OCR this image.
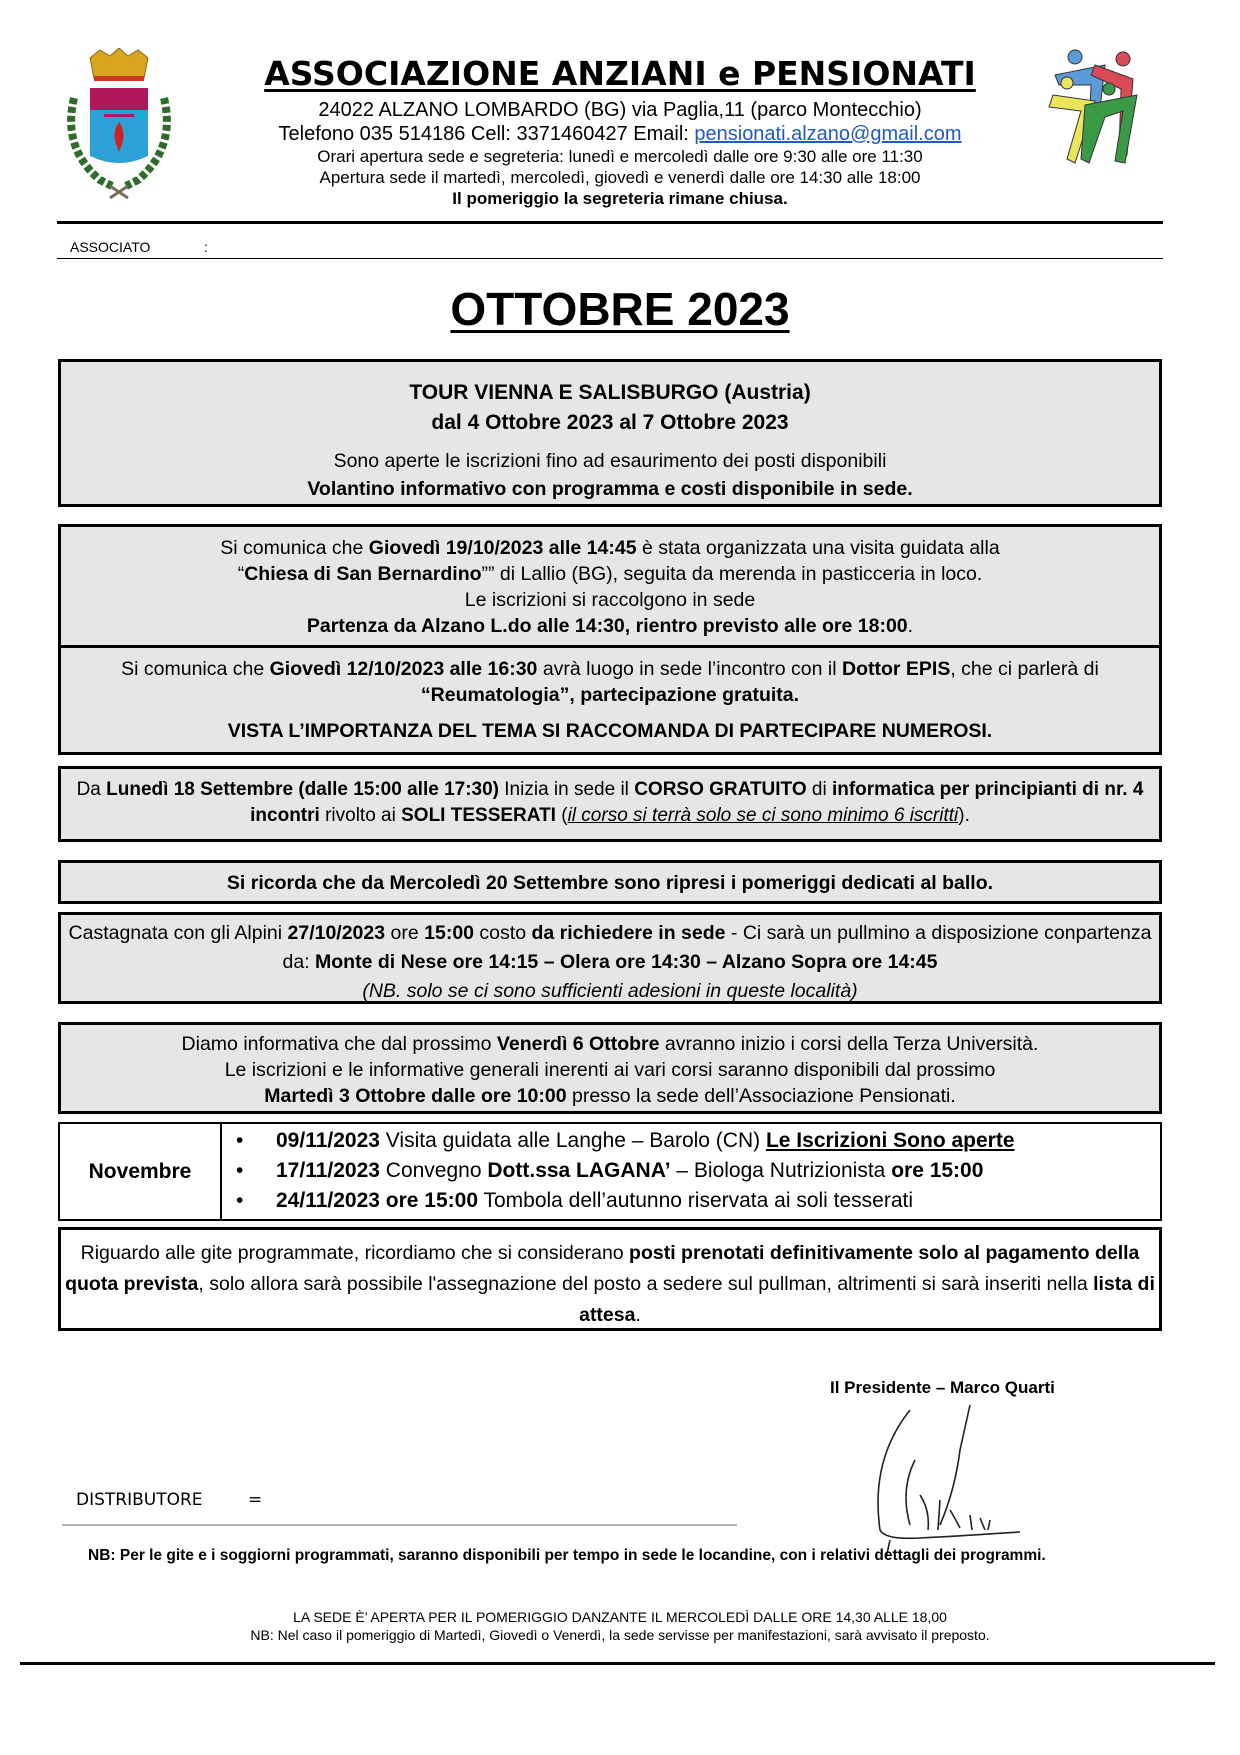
ASSOCIAZIONE ANZIANI e PENSIONATI
24022 ALZANO LOMBARDO (BG) via Paglia,11 (parco Montecchio)
Telefono 035 514186 Cell: 3371460427 Email: pensionati.alzano@gmail.com
Orari apertura sede e segreteria: lunedì e mercoledì dalle ore 9:30 alle ore 11:30
Apertura sede il martedì, mercoledì, giovedì e venerdì dalle ore 14:30 alle 18:00
Il pomeriggio la segreteria rimane chiusa.
ASSOCIATO	:
OTTOBRE 2023
TOUR VIENNA E SALISBURGO (Austria)
dal 4 Ottobre 2023 al 7 Ottobre 2023
Sono aperte le iscrizioni fino ad esaurimento dei posti disponibili
Volantino informativo con programma e costi disponibile in sede.
Si comunica che Giovedì 19/10/2023 alle 14:45 è stata organizzata una visita guidata alla
“Chiesa di San Bernardino”” di Lallio (BG), seguita da merenda in pasticceria in loco.
Le iscrizioni si raccolgono in sede
Partenza da Alzano L.do alle 14:30, rientro previsto alle ore 18:00.
Si comunica che Giovedì 12/10/2023 alle 16:30 avrà luogo in sede l’incontro con il Dottor EPIS, che ci parlerà di “Reumatologia”, partecipazione gratuita.
VISTA L’IMPORTANZA DEL TEMA SI RACCOMANDA DI PARTECIPARE NUMEROSI.
Da Lunedì 18 Settembre (dalle 15:00 alle 17:30) Inizia in sede il CORSO GRATUITO di informatica per principianti di nr. 4 incontri rivolto ai SOLI TESSERATI (il corso si terrà solo se ci sono minimo 6 iscritti).
Si ricorda che da Mercoledì 20 Settembre sono ripresi i pomeriggi dedicati al ballo.
Castagnata con gli Alpini 27/10/2023 ore 15:00 costo da richiedere in sede - Ci sarà un pullmino a disposizione conpartenza da: Monte di Nese ore 14:15 – Olera ore 14:30 – Alzano Sopra ore 14:45
(NB. solo se ci sono sufficienti adesioni in queste località)
Diamo informativa che dal prossimo Venerdì 6 Ottobre avranno inizio i corsi della Terza Università.
Le iscrizioni e le informative generali inerenti ai vari corsi saranno disponibili dal prossimo
Martedì 3 Ottobre dalle ore 10:00 presso la sede dell’Associazione Pensionati.
Novembre
•	09/11/2023 Visita guidata alle Langhe – Barolo (CN) Le Iscrizioni Sono aperte
•	17/11/2023 Convegno Dott.ssa LAGANA’ – Biologa Nutrizionista ore 15:00
•	24/11/2023 ore 15:00 Tombola dell’autunno riservata ai soli tesserati
Riguardo alle gite programmate, ricordiamo che si considerano posti prenotati definitivamente solo al pagamento della quota prevista, solo allora sarà possibile l'assegnazione del posto a sedere sul pullman, altrimenti si sarà inseriti nella lista di attesa.
Il Presidente – Marco Quarti
DISTRIBUTORE	=
NB: Per le gite e i soggiorni programmati, saranno disponibili per tempo in sede le locandine, con i relativi dettagli dei programmi.
LA SEDE È’ APERTA PER IL POMERIGGIO DANZANTE IL MERCOLEDÌ DALLE ORE 14,30 ALLE 18,00
NB: Nel caso il pomeriggio di Martedì, Giovedì o Venerdì, la sede servisse per manifestazioni, sarà avvisato il preposto.
